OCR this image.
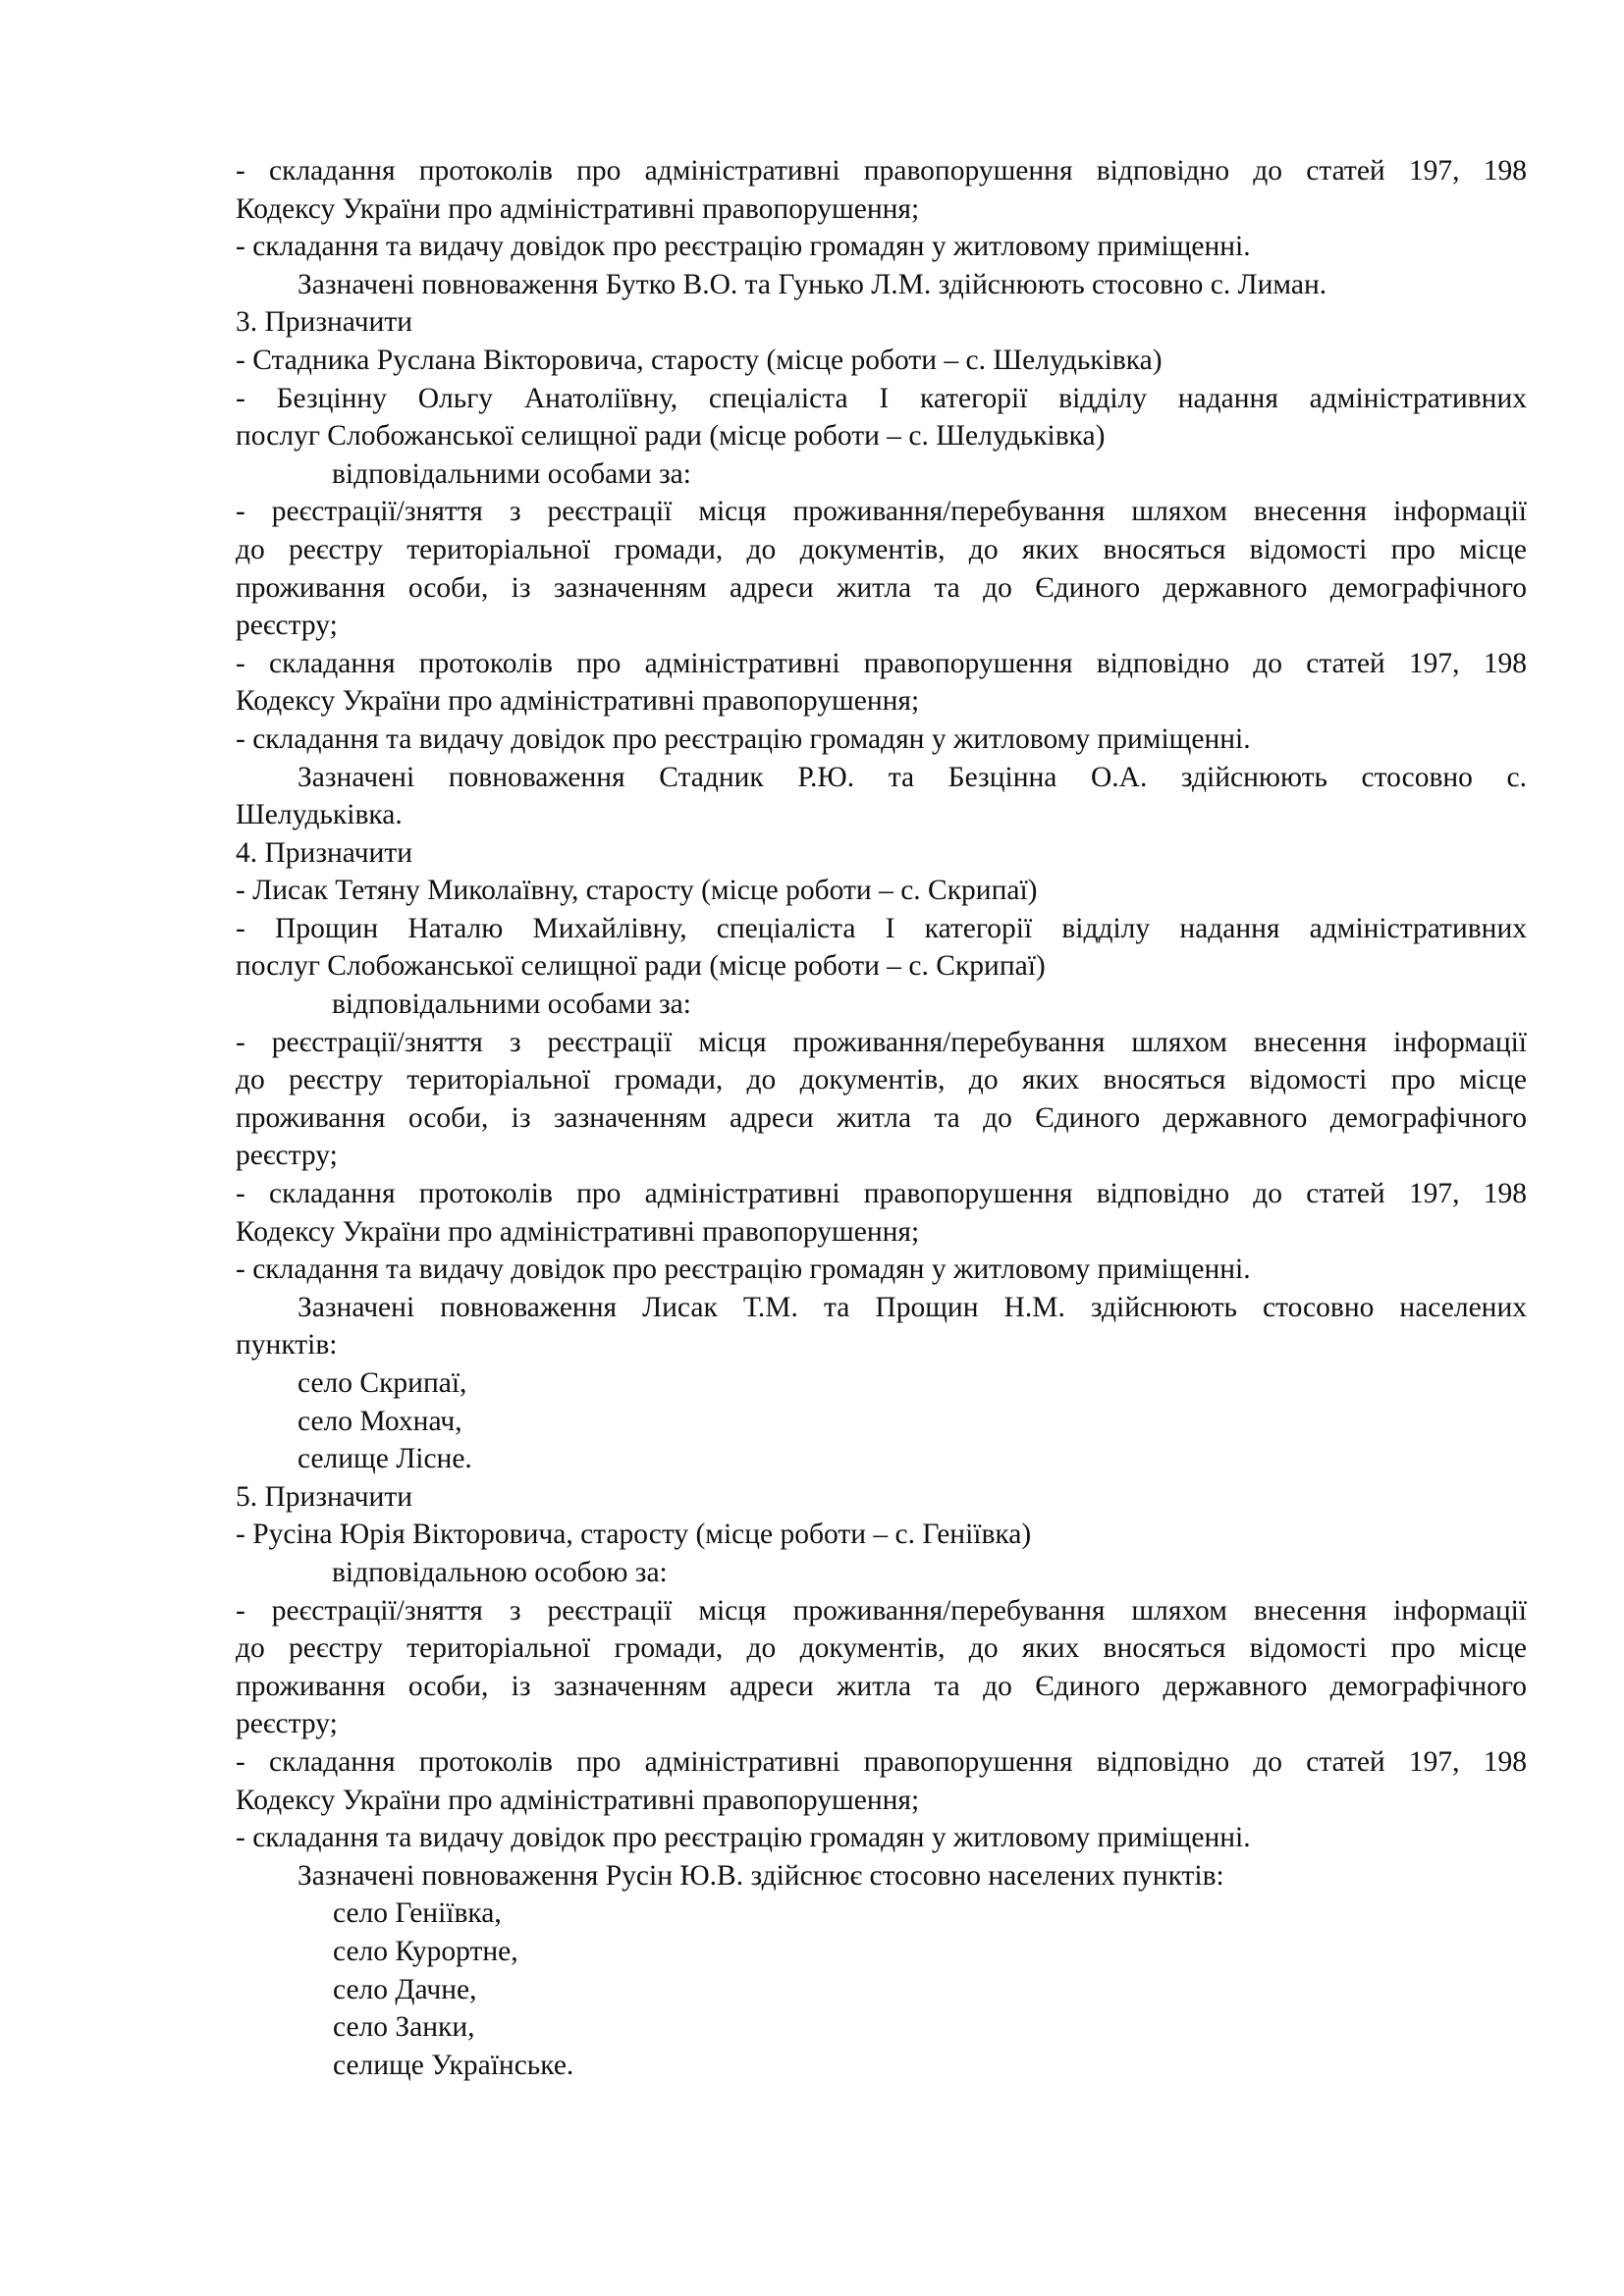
- складання протоколів про адміністративні правопорушення відповідно до статей 197, 198
Кодексу України про адміністративні правопорушення;
- складання та видачу довідок про реєстрацію громадян у житловому приміщенні.
Зазначені повноваження Бутко В.О. та Гунько Л.М. здійснюють стосовно с. Лиман.
3. Призначити
- Стадника Руслана Вікторовича, старосту (місце роботи – с. Шелудьківка)
- Безцінну Ольгу Анатоліївну, спеціаліста І категорії відділу надання адміністративних
послуг Слобожанської селищної ради (місце роботи – с. Шелудьківка)
відповідальними особами за:
- реєстрації/зняття з реєстрації місця проживання/перебування шляхом внесення інформації
до реєстру територіальної громади, до документів, до яких вносяться відомості про місце
проживання особи, із зазначенням адреси житла та до Єдиного державного демографічного
реєстру;
- складання протоколів про адміністративні правопорушення відповідно до статей 197, 198
Кодексу України про адміністративні правопорушення;
- складання та видачу довідок про реєстрацію громадян у житловому приміщенні.
Зазначені повноваження Стадник Р.Ю. та Безцінна О.А. здійснюють стосовно с.
Шелудьківка.
4. Призначити
- Лисак Тетяну Миколаївну, старосту (місце роботи – с. Скрипаї)
- Прощин Наталю Михайлівну, спеціаліста І категорії відділу надання адміністративних
послуг Слобожанської селищної ради (місце роботи – с. Скрипаї)
відповідальними особами за:
- реєстрації/зняття з реєстрації місця проживання/перебування шляхом внесення інформації
до реєстру територіальної громади, до документів, до яких вносяться відомості про місце
проживання особи, із зазначенням адреси житла та до Єдиного державного демографічного
реєстру;
- складання протоколів про адміністративні правопорушення відповідно до статей 197, 198
Кодексу України про адміністративні правопорушення;
- складання та видачу довідок про реєстрацію громадян у житловому приміщенні.
Зазначені повноваження Лисак Т.М. та Прощин Н.М. здійснюють стосовно населених
пунктів:
село Скрипаї,
село Мохнач,
селище Лісне.
5. Призначити
- Русіна Юрія Вікторовича, старосту (місце роботи – с. Геніївка)
відповідальною особою за:
- реєстрації/зняття з реєстрації місця проживання/перебування шляхом внесення інформації
до реєстру територіальної громади, до документів, до яких вносяться відомості про місце
проживання особи, із зазначенням адреси житла та до Єдиного державного демографічного
реєстру;
- складання протоколів про адміністративні правопорушення відповідно до статей 197, 198
Кодексу України про адміністративні правопорушення;
- складання та видачу довідок про реєстрацію громадян у житловому приміщенні.
Зазначені повноваження Русін Ю.В. здійснює стосовно населених пунктів:
село Геніївка,
село Курортне,
село Дачне,
село Занки,
селище Українське.
